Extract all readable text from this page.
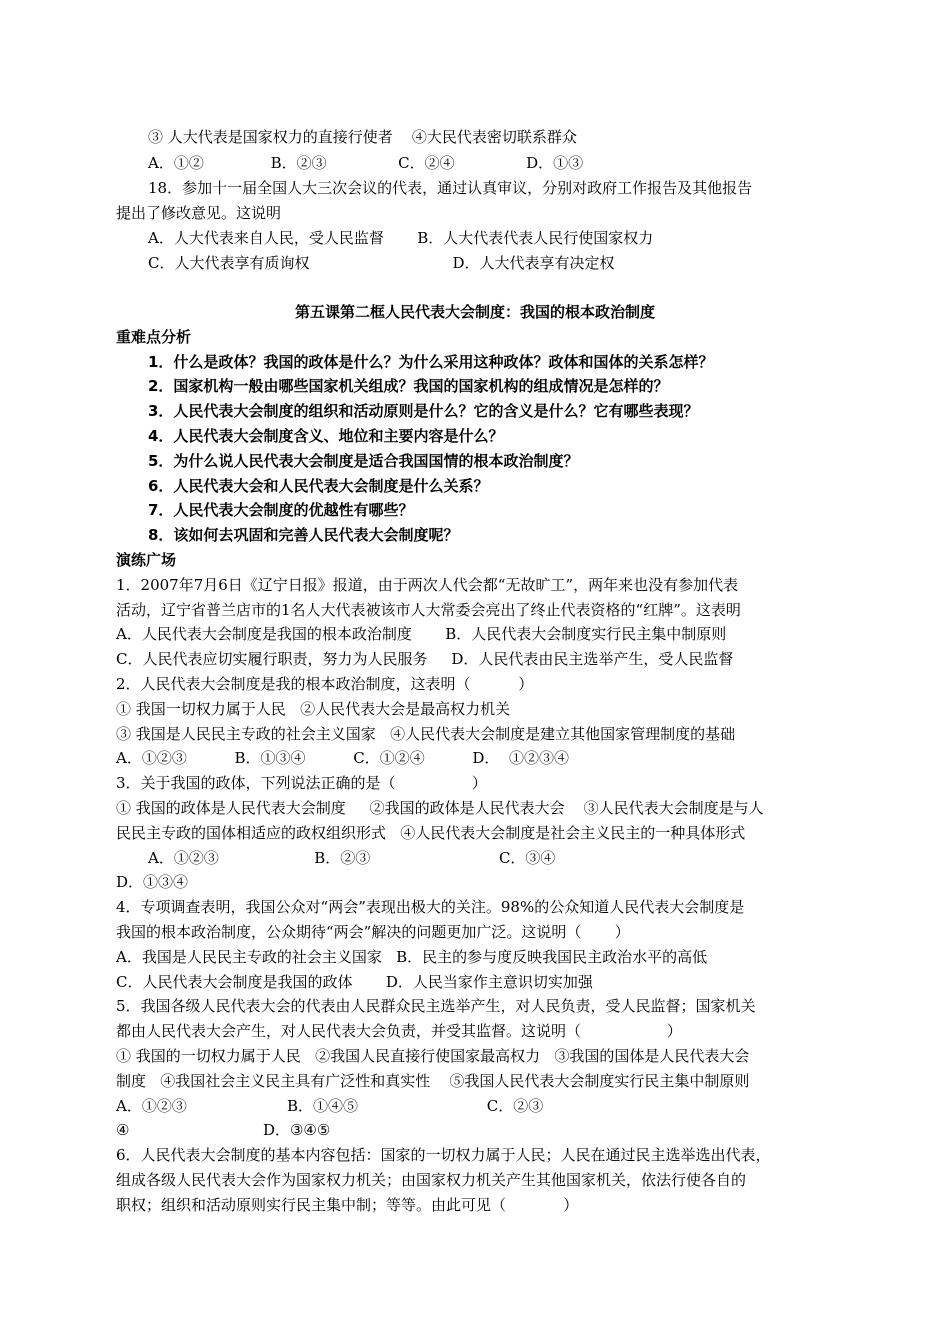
③ 人大代表是国家权力的直接行使者    ④大民代表密切联系群众
A．①②              B．②③               C．②④               D．①③
18．参加十一届全国人大三次会议的代表，通过认真审议，分别对政府工作报告及其他报告
提出了修改意见。这说明
A．人大代表来自人民，受人民监督       B．人大代表代表人民行使国家权力
C．人大代表享有质询权                              D．人大代表享有决定权
第五课第二框人民代表大会制度：我国的根本政治制度
重难点分析
1．什么是政体？我国的政体是什么？为什么采用这种政体？政体和国体的关系怎样？
2．国家机构一般由哪些国家机关组成？我国的国家机构的组成情况是怎样的？
3．人民代表大会制度的组织和活动原则是什么？它的含义是什么？它有哪些表现？
4．人民代表大会制度含义、地位和主要内容是什么？
5．为什么说人民代表大会制度是适合我国国情的根本政治制度？
6．人民代表大会和人民代表大会制度是什么关系？
7．人民代表大会制度的优越性有哪些？
8．该如何去巩固和完善人民代表大会制度呢？
演练广场
1．2007年7月6日《辽宁日报》报道，由于两次人代会都“无故旷工”，两年来也没有参加代表
活动，辽宁省普兰店市的1名人大代表被该市人大常委会亮出了终止代表资格的“红牌”。这表明
A．人民代表大会制度是我国的根本政治制度       B．人民代表大会制度实行民主集中制原则
C．人民代表应切实履行职责，努力为人民服务     D．人民代表由民主选举产生，受人民监督
2．人民代表大会制度是我的根本政治制度，这表明（          ）
① 我国一切权力属于人民   ②人民代表大会是最高权力机关
③ 我国是人民民主专政的社会主义国家   ④人民代表大会制度是建立其他国家管理制度的基础
A．①②③          B．①③④          C．①②④          D．  ①②③④
3．关于我国的政体，下列说法正确的是（                ）
① 我国的政体是人民代表大会制度     ②我国的政体是人民代表大会    ③人民代表大会制度是与人
民民主专政的国体相适应的政权组织形式   ④人民代表大会制度是社会主义民主的一种具体形式
A．①②③                    B．②③                           C．③④
D．①③④
4．专项调查表明，我国公众对“两会”表现出极大的关注。98%的公众知道人民代表大会制度是
我国的根本政治制度，公众期待“两会”解决的问题更加广泛。这说明（       ）
A．我国是人民民主专政的社会主义国家   B．民主的参与度反映我国民主政治水平的高低
C．人民代表大会制度是我国的政体       D．人民当家作主意识切实加强
5．我国各级人民代表大会的代表由人民群众民主选举产生，对人民负责，受人民监督；国家机关
都由人民代表大会产生，对人民代表大会负责，并受其监督。这说明（                  ）
① 我国的一切权力属于人民   ②我国人民直接行使国家最高权力   ③我国的国体是人民代表大会
制度   ④我国社会主义民主具有广泛性和真实性    ⑤我国人民代表大会制度实行民主集中制原则
A．①②③                     B．①④⑤                           C．②③
④                            D．③④⑤
6．人民代表大会制度的基本内容包括：国家的一切权力属于人民；人民在通过民主选举选出代表，
组成各级人民代表大会作为国家权力机关；由国家权力机关产生其他国家机关，依法行使各自的
职权；组织和活动原则实行民主集中制；等等。由此可见（            ）
